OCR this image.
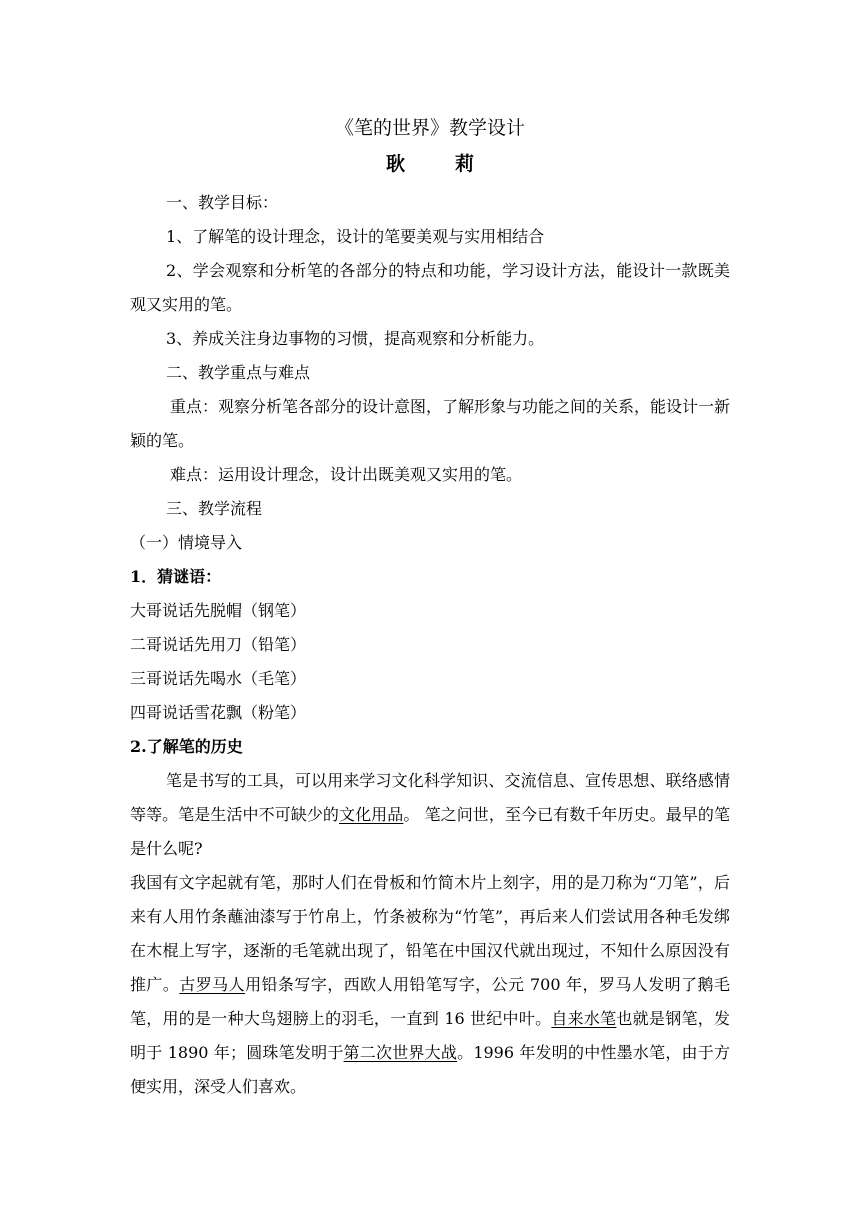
《笔的世界》教学设计
耿	莉

一、教学目标：

1、了解笔的设计理念，设计的笔要美观与实用相结合

2、学会观察和分析笔的各部分的特点和功能，学习设计方法，能设计一款既美观又实用的笔。

3、养成关注身边事物的习惯，提高观察和分析能力。

二、教学重点与难点

重点：观察分析笔各部分的设计意图，了解形象与功能之间的关系，能设计一新颖的笔。

难点：运用设计理念，设计出既美观又实用的笔。

三、教学流程

（一）情境导入

1．猜谜语：

大哥说话先脱帽（钢笔）

二哥说话先用刀（铅笔）

三哥说话先喝水（毛笔）

四哥说话雪花飘（粉笔）

2.了解笔的历史

笔是书写的工具，可以用来学习文化科学知识、交流信息、宣传思想、联络感情等等。笔是生活中不可缺少的文化用品。 笔之问世，至今已有数千年历史。最早的笔是什么呢?

我国有文字起就有笔，那时人们在骨板和竹简木片上刻字，用的是刀称为“刀笔”，后来有人用竹条蘸油漆写于竹帛上，竹条被称为“竹笔”，再后来人们尝试用各种毛发绑在木棍上写字，逐渐的毛笔就出现了，铅笔在中国汉代就出现过，不知什么原因没有推广。古罗马人用铅条写字，西欧人用铅笔写字，公元 700 年，罗马人发明了鹅毛笔，用的是一种大鸟翅膀上的羽毛，一直到 16 世纪中叶。自来水笔也就是钢笔，发明于 1890 年；圆珠笔发明于第二次世界大战。1996 年发明的中性墨水笔，由于方便实用，深受人们喜欢。
